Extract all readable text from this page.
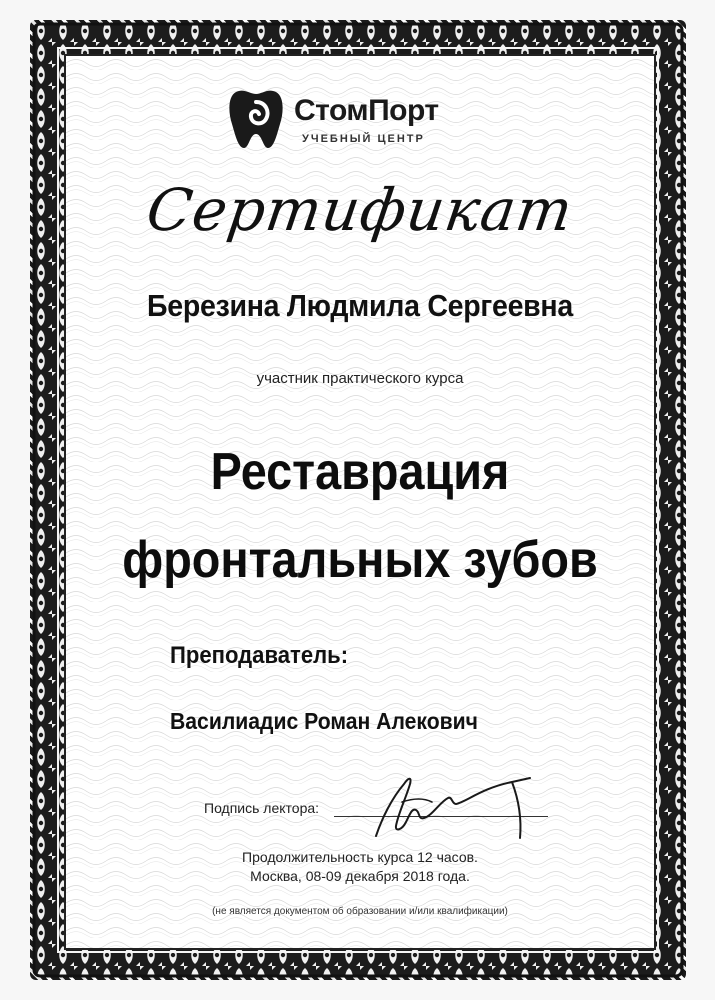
СтомПорт
УЧЕБНЫЙ ЦЕНТР
Сертификат
Березина Людмила Сергеевна
участник практического курса
Реставрация
фронтальных зубов
Преподаватель:
Василиадис Роман Алекович
Подпись лектора:
Продолжительность курса 12 часов.
Москва, 08-09 декабря 2018 года.
(не является документом об образовании и/или квалификации)
